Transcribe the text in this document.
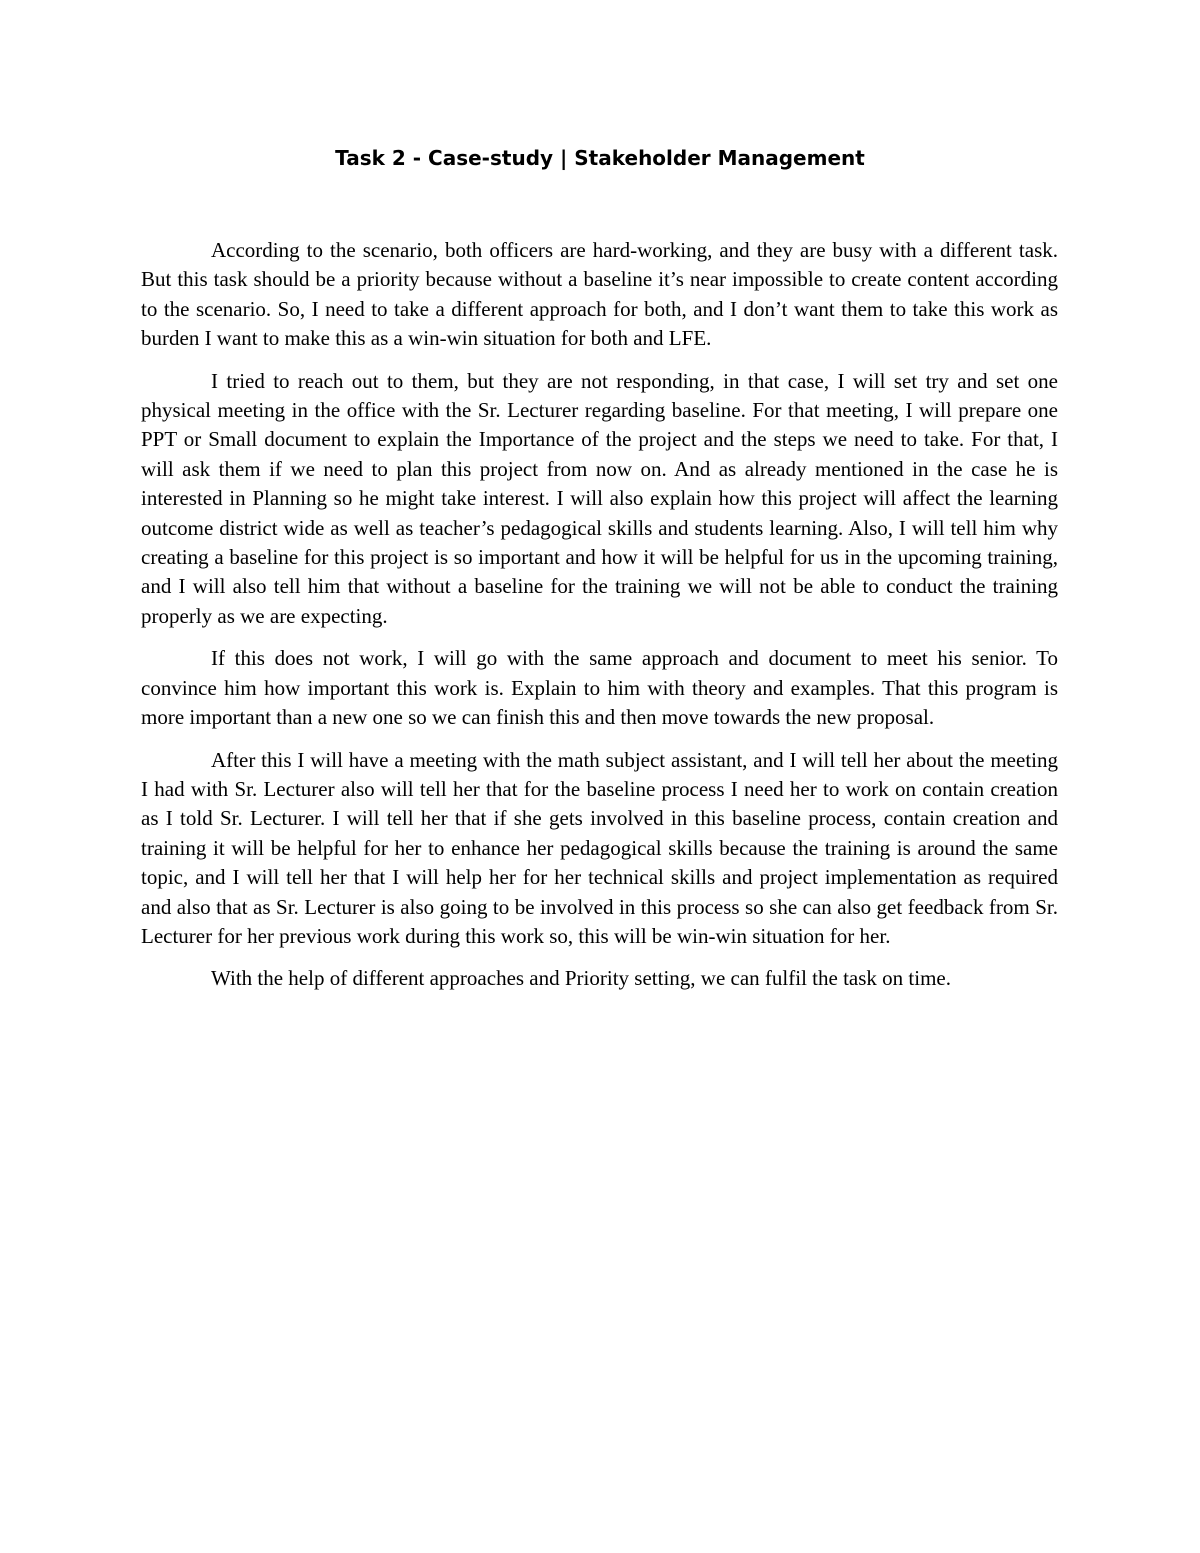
Task 2 - Case-study | Stakeholder Management

According to the scenario, both officers are hard-working, and they are busy with a different task. But this task should be a priority because without a baseline it’s near impossible to create content according to the scenario. So, I need to take a different approach for both, and I don’t want them to take this work as burden I want to make this as a win-win situation for both and LFE.

I tried to reach out to them, but they are not responding, in that case, I will set try and set one physical meeting in the office with the Sr. Lecturer regarding baseline. For that meeting, I will prepare one PPT or Small document to explain the Importance of the project and the steps we need to take. For that, I will ask them if we need to plan this project from now on. And as already mentioned in the case he is interested in Planning so he might take interest. I will also explain how this project will affect the learning outcome district wide as well as teacher’s pedagogical skills and students learning. Also, I will tell him why creating a baseline for this project is so important and how it will be helpful for us in the upcoming training, and I will also tell him that without a baseline for the training we will not be able to conduct the training properly as we are expecting.

If this does not work, I will go with the same approach and document to meet his senior. To convince him how important this work is. Explain to him with theory and examples. That this program is more important than a new one so we can finish this and then move towards the new proposal.

After this I will have a meeting with the math subject assistant, and I will tell her about the meeting I had with Sr. Lecturer also will tell her that for the baseline process I need her to work on contain creation as I told Sr. Lecturer. I will tell her that if she gets involved in this baseline process, contain creation and training it will be helpful for her to enhance her pedagogical skills because the training is around the same topic, and I will tell her that I will help her for her technical skills and project implementation as required and also that as Sr. Lecturer is also going to be involved in this process so she can also get feedback from Sr. Lecturer for her previous work during this work so, this will be win-win situation for her.

With the help of different approaches and Priority setting, we can fulfil the task on time.
